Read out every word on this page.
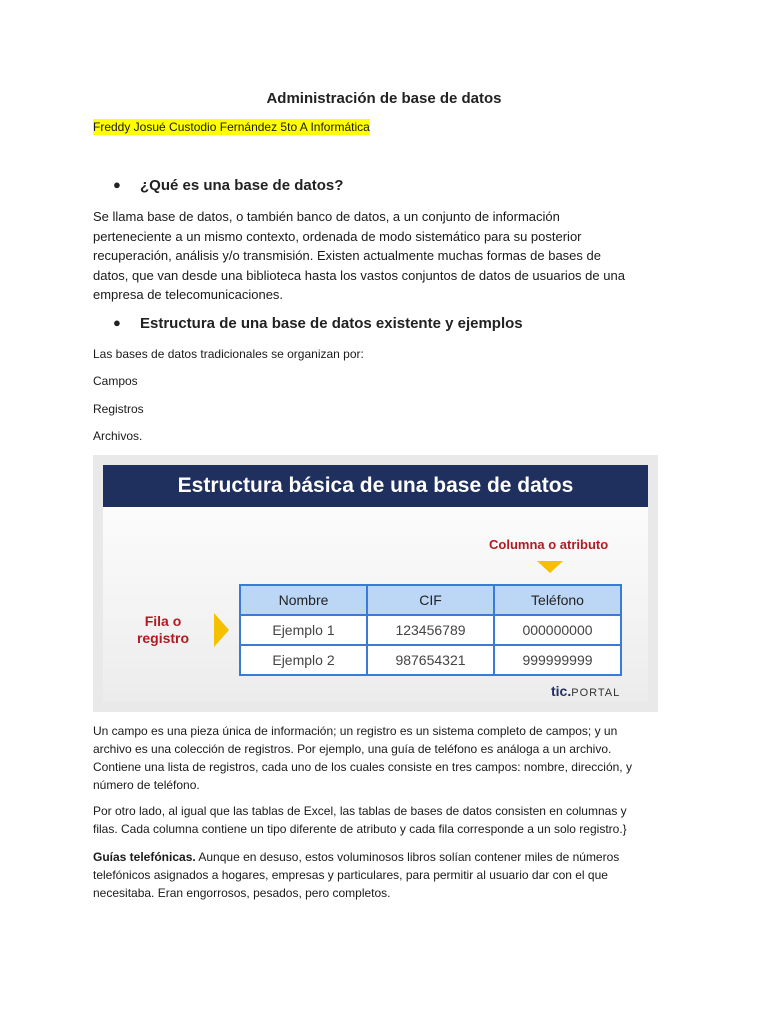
Administración de base de datos
Freddy Josué Custodio Fernández 5to A Informática
● ¿Qué es una base de datos?
Se llama base de datos, o también banco de datos, a un conjunto de información
perteneciente a un mismo contexto, ordenada de modo sistemático para su posterior
recuperación, análisis y/o transmisión. Existen actualmente muchas formas de bases de
datos, que van desde una biblioteca hasta los vastos conjuntos de datos de usuarios de una
empresa de telecomunicaciones.
● Estructura de una base de datos existente y ejemplos
Las bases de datos tradicionales se organizan por:
Campos
Registros
Archivos.
Estructura básica de una base de datos
Columna o atributo
Fila o registro
Nombre	CIF	Teléfono
Ejemplo 1	123456789	000000000
Ejemplo 2	987654321	999999999
tic.PORTAL
Un campo es una pieza única de información; un registro es un sistema completo de campos; y un
archivo es una colección de registros. Por ejemplo, una guía de teléfono es análoga a un archivo.
Contiene una lista de registros, cada uno de los cuales consiste en tres campos: nombre, dirección, y
número de teléfono.
Por otro lado, al igual que las tablas de Excel, las tablas de bases de datos consisten en columnas y
filas. Cada columna contiene un tipo diferente de atributo y cada fila corresponde a un solo registro.}
Guías telefónicas. Aunque en desuso, estos voluminosos libros solían contener miles de números
telefónicos asignados a hogares, empresas y particulares, para permitir al usuario dar con el que
necesitaba. Eran engorrosos, pesados, pero completos.
